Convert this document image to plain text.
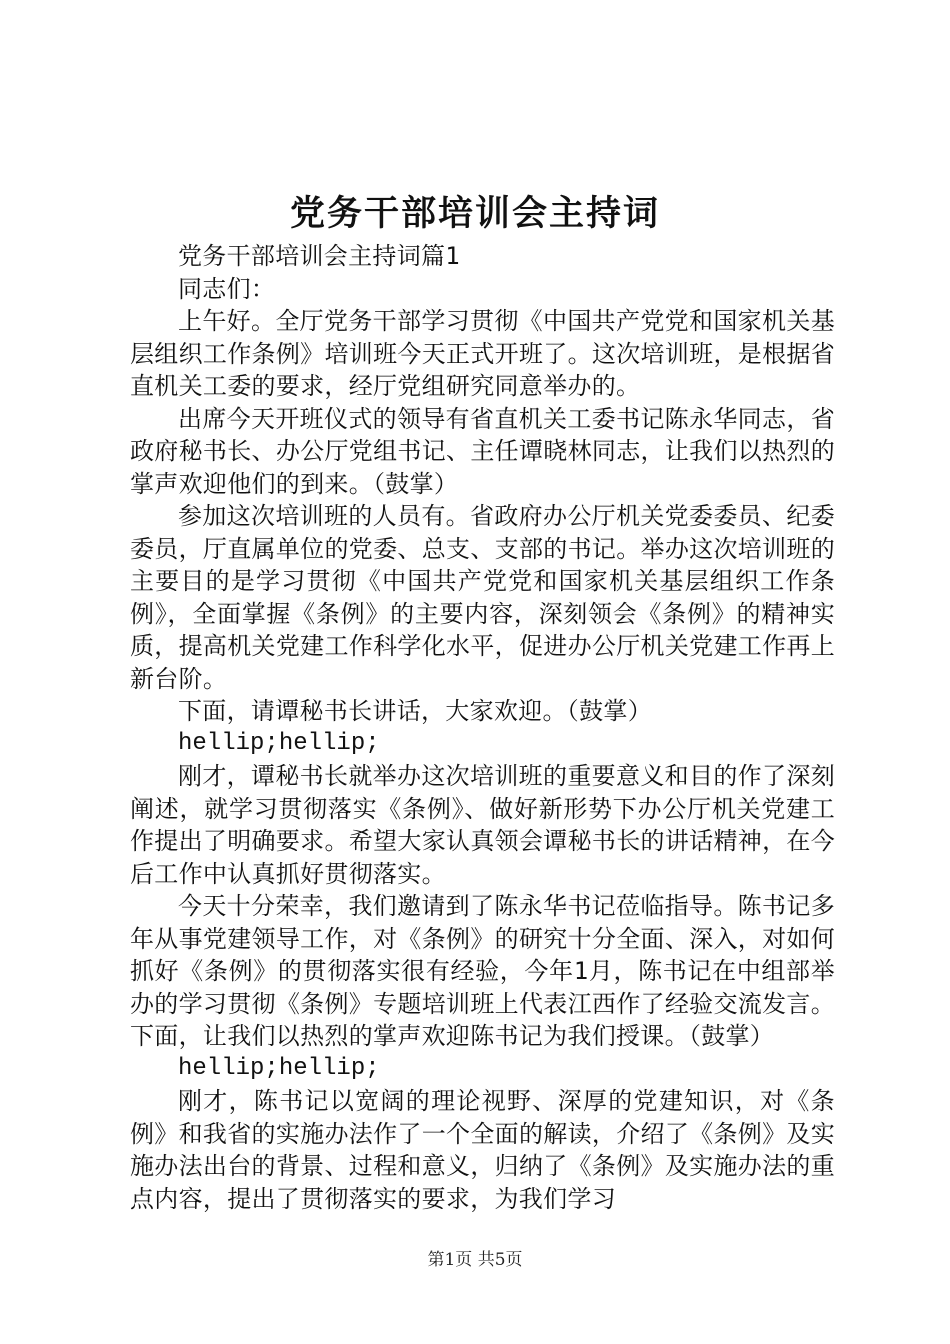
党务干部培训会主持词

党务干部培训会主持词篇1

同志们：

上午好。全厅党务干部学习贯彻《中国共产党党和国家机关基层组织工作条例》培训班今天正式开班了。这次培训班，是根据省直机关工委的要求，经厅党组研究同意举办的。

出席今天开班仪式的领导有省直机关工委书记陈永华同志，省政府秘书长、办公厅党组书记、主任谭晓林同志，让我们以热烈的掌声欢迎他们的到来。（鼓掌）

参加这次培训班的人员有。省政府办公厅机关党委委员、纪委委员，厅直属单位的党委、总支、支部的书记。举办这次培训班的主要目的是学习贯彻《中国共产党党和国家机关基层组织工作条例》，全面掌握《条例》的主要内容，深刻领会《条例》的精神实质，提高机关党建工作科学化水平，促进办公厅机关党建工作再上新台阶。

下面，请谭秘书长讲话，大家欢迎。（鼓掌）

hellip;hellip;

刚才，谭秘书长就举办这次培训班的重要意义和目的作了深刻阐述，就学习贯彻落实《条例》、做好新形势下办公厅机关党建工作提出了明确要求。希望大家认真领会谭秘书长的讲话精神，在今后工作中认真抓好贯彻落实。

今天十分荣幸，我们邀请到了陈永华书记莅临指导。陈书记多年从事党建领导工作，对《条例》的研究十分全面、深入，对如何抓好《条例》的贯彻落实很有经验，今年1月，陈书记在中组部举办的学习贯彻《条例》专题培训班上代表江西作了经验交流发言。下面，让我们以热烈的掌声欢迎陈书记为我们授课。（鼓掌）

hellip;hellip;

刚才，陈书记以宽阔的理论视野、深厚的党建知识，对《条例》和我省的实施办法作了一个全面的解读，介绍了《条例》及实施办法出台的背景、过程和意义，归纳了《条例》及实施办法的重点内容，提出了贯彻落实的要求，为我们学习

第1页 共5页
